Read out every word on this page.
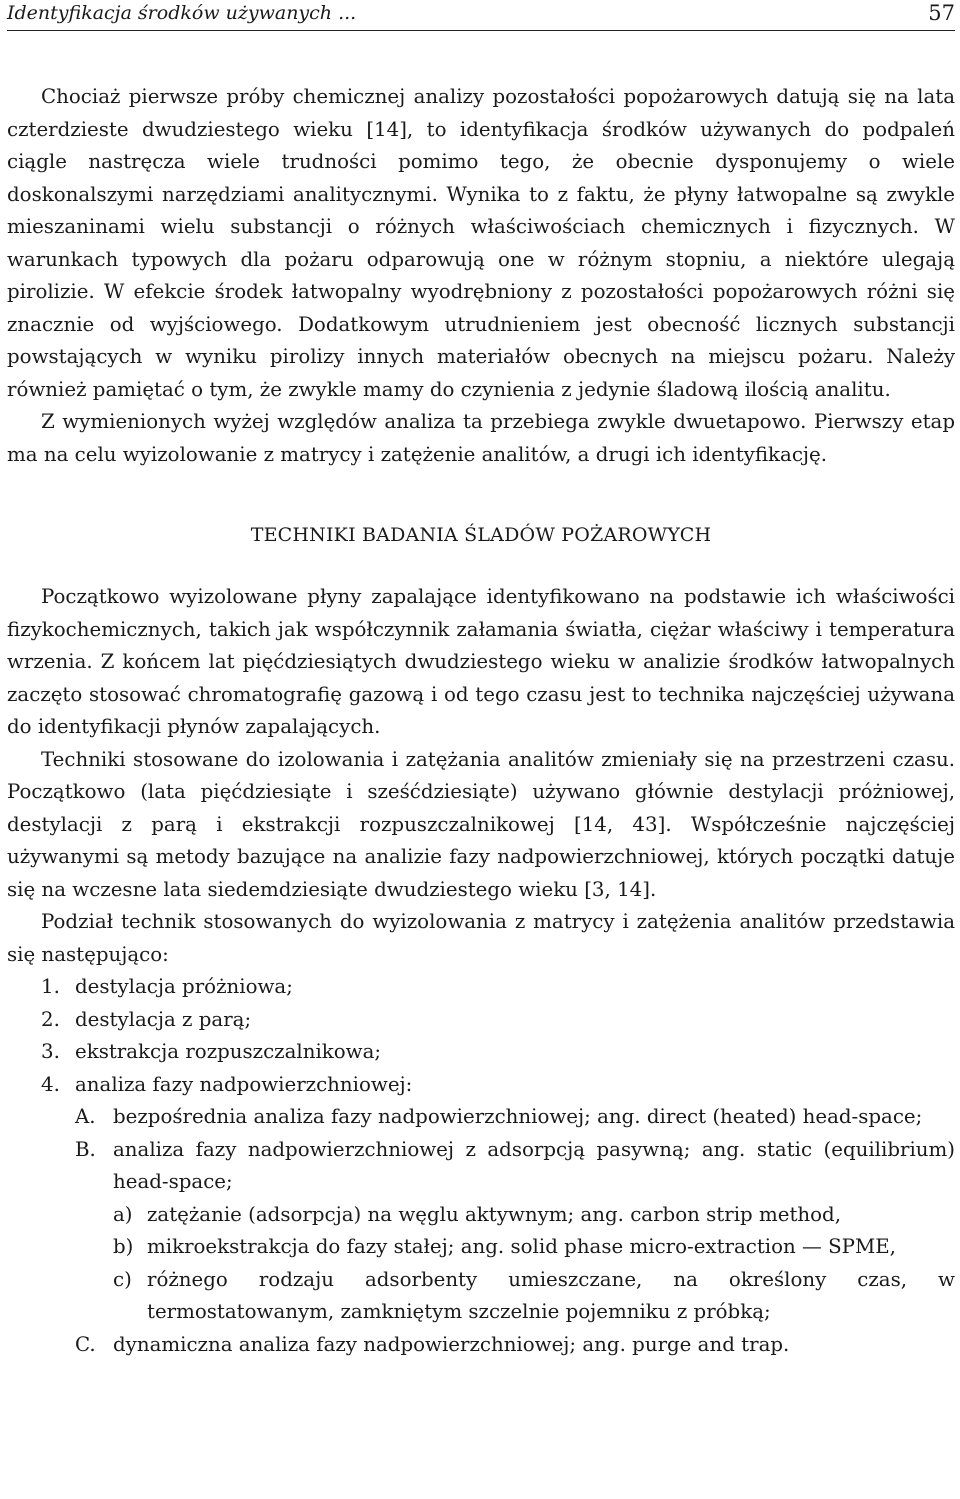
Identyfikacja środków używanych ...	57

Chociaż pierwsze próby chemicznej analizy pozostałości popożarowych datują się na lata czterdzieste dwudziestego wieku [14], to identyfikacja środków używanych do podpaleń ciągle nastręcza wiele trudności pomimo tego, że obecnie dysponujemy o wiele doskonalszymi narzędziami analitycznymi. Wynika to z faktu, że płyny łatwopalne są zwykle mieszaninami wielu substancji o różnych właściwościach chemicznych i fizycznych. W warunkach typowych dla pożaru odparowują one w różnym stopniu, a niektóre ulegają pirolizie. W efekcie środek łatwopalny wyodrębniony z pozostałości popożarowych różni się znacznie od wyjściowego. Dodatkowym utrudnieniem jest obecność licznych substancji powstających w wyniku pirolizy innych materiałów obecnych na miejscu pożaru. Należy również pamiętać o tym, że zwykle mamy do czynienia z jedynie śladową ilością analitu.

Z wymienionych wyżej względów analiza ta przebiega zwykle dwuetapowo. Pierwszy etap ma na celu wyizolowanie z matrycy i zatężenie analitów, a drugi ich identyfikację.

TECHNIKI BADANIA ŚLADÓW POŻAROWYCH

Początkowo wyizolowane płyny zapalające identyfikowano na podstawie ich właściwości fizykochemicznych, takich jak współczynnik załamania światła, ciężar właściwy i temperatura wrzenia. Z końcem lat pięćdziesiątych dwudziestego wieku w analizie środków łatwopalnych zaczęto stosować chromatografię gazową i od tego czasu jest to technika najczęściej używana do identyfikacji płynów zapalających.

Techniki stosowane do izolowania i zatężania analitów zmieniały się na przestrzeni czasu. Początkowo (lata pięćdziesiąte i sześćdziesiąte) używano głównie destylacji próżniowej, destylacji z parą i ekstrakcji rozpuszczalnikowej [14, 43]. Współcześnie najczęściej używanymi są metody bazujące na analizie fazy nadpowierzchniowej, których początki datuje się na wczesne lata siedemdziesiąte dwudziestego wieku [3, 14].

Podział technik stosowanych do wyizolowania z matrycy i zatężenia analitów przedstawia się następująco:

1. destylacja próżniowa;
2. destylacja z parą;
3. ekstrakcja rozpuszczalnikowa;
4. analiza fazy nadpowierzchniowej:
A. bezpośrednia analiza fazy nadpowierzchniowej; ang. direct (heated) head-space;
B. analiza fazy nadpowierzchniowej z adsorpcją pasywną; ang. static (equilibrium) head-space;
a) zatężanie (adsorpcja) na węglu aktywnym; ang. carbon strip method,
b) mikroekstrakcja do fazy stałej; ang. solid phase micro-extraction — SPME,
c) różnego rodzaju adsorbenty umieszczane, na określony czas, w termostatowanym, zamkniętym szczelnie pojemniku z próbką;
C. dynamiczna analiza fazy nadpowierzchniowej; ang. purge and trap.
